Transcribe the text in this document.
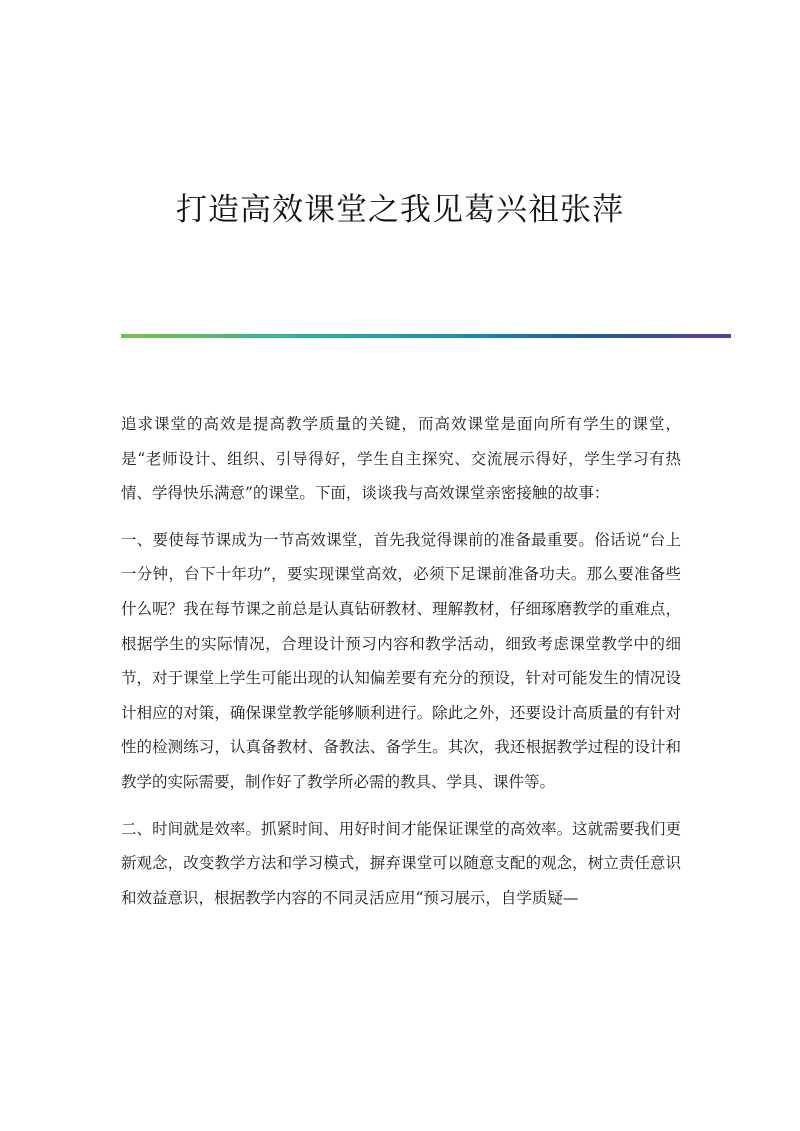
打造高效课堂之我见葛兴祖张萍

追求课堂的高效是提高教学质量的关键，而高效课堂是面向所有学生的课堂，是“老师设计、组织、引导得好，学生自主探究、交流展示得好，学生学习有热情、学得快乐满意”的课堂。下面，谈谈我与高效课堂亲密接触的故事：

一、要使每节课成为一节高效课堂，首先我觉得课前的准备最重要。俗话说“台上一分钟，台下十年功”，要实现课堂高效，必须下足课前准备功夫。那么要准备些什么呢？我在每节课之前总是认真钻研教材、理解教材，仔细琢磨教学的重难点，根据学生的实际情况，合理设计预习内容和教学活动，细致考虑课堂教学中的细节，对于课堂上学生可能出现的认知偏差要有充分的预设，针对可能发生的情况设计相应的对策，确保课堂教学能够顺利进行。除此之外，还要设计高质量的有针对性的检测练习，认真备教材、备教法、备学生。其次，我还根据教学过程的设计和教学的实际需要，制作好了教学所必需的教具、学具、课件等。

二、时间就是效率。抓紧时间、用好时间才能保证课堂的高效率。这就需要我们更新观念，改变教学方法和学习模式，摒弃课堂可以随意支配的观念，树立责任意识和效益意识，根据教学内容的不同灵活应用“预习展示，自学质疑—
